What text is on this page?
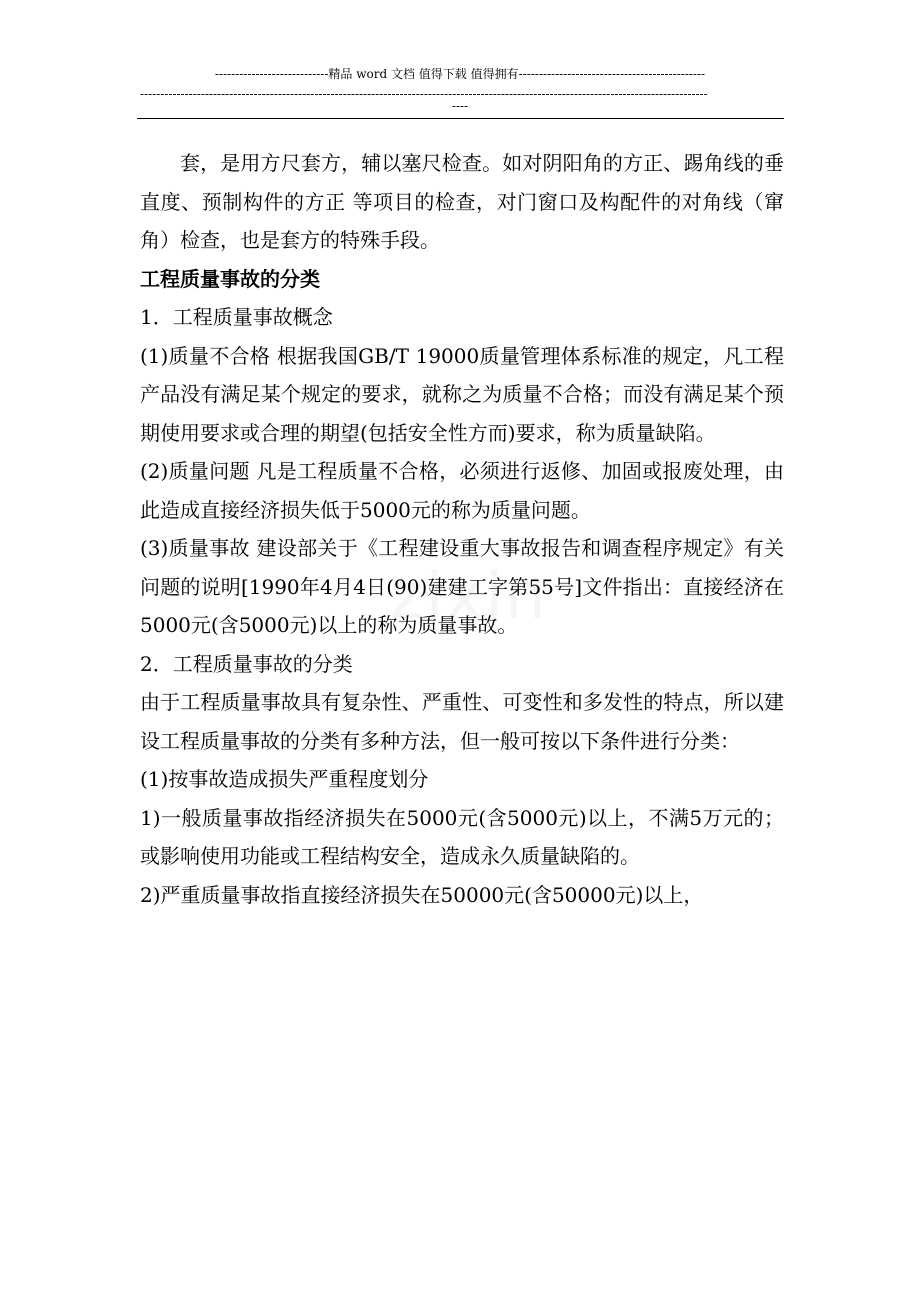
----------------------------精品 word 文档 值得下载 值得拥有----------------------------------------------
--------------------------------------------------------------------------------------------------------------------------------------------
----

套，是用方尺套方，辅以塞尺检查。如对阴阳角的方正、踢角线的垂直度、预制构件的方正 等项目的检查，对门窗口及构配件的对角线（窜角）检查，也是套方的特殊手段。

工程质量事故的分类

1．工程质量事故概念

(1)质量不合格 根据我国GB/T 19000质量管理体系标准的规定，凡工程产品没有满足某个规定的要求，就称之为质量不合格；而没有满足某个预期使用要求或合理的期望(包括安全性方而)要求，称为质量缺陷。

(2)质量问题 凡是工程质量不合格，必须进行返修、加固或报废处理，由此造成直接经济损失低于5000元的称为质量问题。

(3)质量事故 建设部关于《工程建设重大事故报告和调查程序规定》有关问题的说明[1990年4月4日(90)建建工字第55号]文件指出：直接经济在5000元(含5000元)以上的称为质量事故。

2．工程质量事故的分类

由于工程质量事故具有复杂性、严重性、可变性和多发性的特点，所以建设工程质量事故的分类有多种方法，但一般可按以下条件进行分类：

(1)按事故造成损失严重程度划分

1)一般质量事故指经济损失在5000元(含5000元)以上，不满5万元的；或影响使用功能或工程结构安全，造成永久质量缺陷的。

2)严重质量事故指直接经济损失在50000元(含50000元)以上，
